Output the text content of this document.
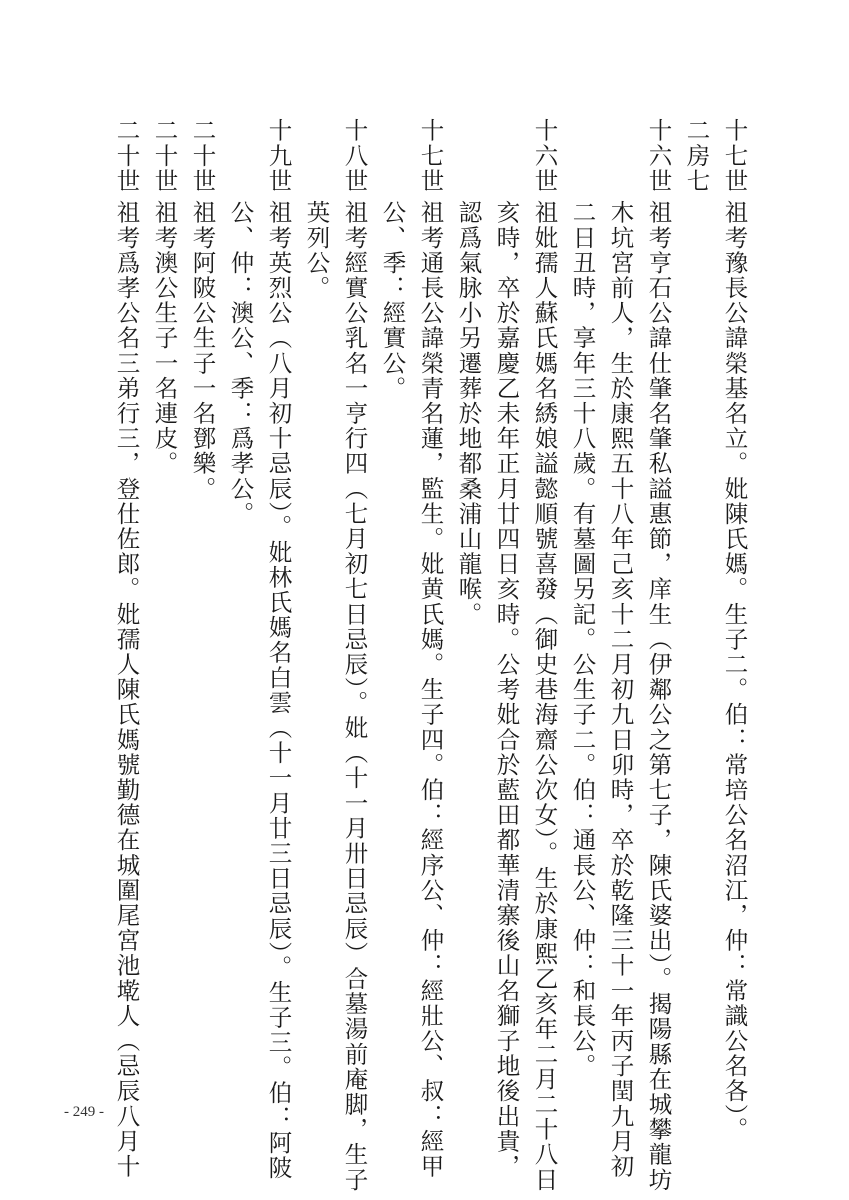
十七世
祖考豫長公諱榮基名立。妣陳氏媽。生子二。伯：常培公名沼江，仲：常識公名各）。
二房七
十六世
祖考亨石公諱仕肇名肇私謚惠節，庠生（伊鄰公之第七子，陳氏婆出）。揭陽縣在城攀龍坊
木坑宮前人，生於康熙五十八年己亥十二月初九日卯時，卒於乾隆三十一年丙子閏九月初
二日丑時，享年三十八歲。有墓圖另記。公生子二。伯：通長公、仲：和長公。
十六世
祖妣孺人蘇氏媽名綉娘謚懿順號喜發（御史巷海齋公次女）。生於康熙乙亥年二月二十八日
亥時，卒於嘉慶乙未年正月廿四日亥時。公考妣合於藍田都華清寨後山名獅子地後出貴，
認爲氣脉小另遷葬於地都桑浦山龍喉。
十七世
祖考通長公諱榮青名蓮，監生。妣黄氏媽。生子四。伯：經序公、仲：經壯公、叔：經甲
公、季：經實公。
十八世
祖考經實公乳名一亨行四（七月初七日忌辰）。妣（十一月卅日忌辰）合墓湯前庵脚，生子
英列公。
十九世
祖考英烈公（八月初十忌辰）。妣林氏媽名白雲（十一月廿三日忌辰）。生子三。伯：阿陂
公、仲：澳公、季：爲孝公。
二十世
祖考阿陂公生子一名鄧樂。
二十世
祖考澳公生子一名連皮。
二十世
祖考爲孝公名三弟行三，登仕佐郎。妣孺人陳氏媽號勤德在城圍尾宮池墘人（忌辰八月十
- 249 -
